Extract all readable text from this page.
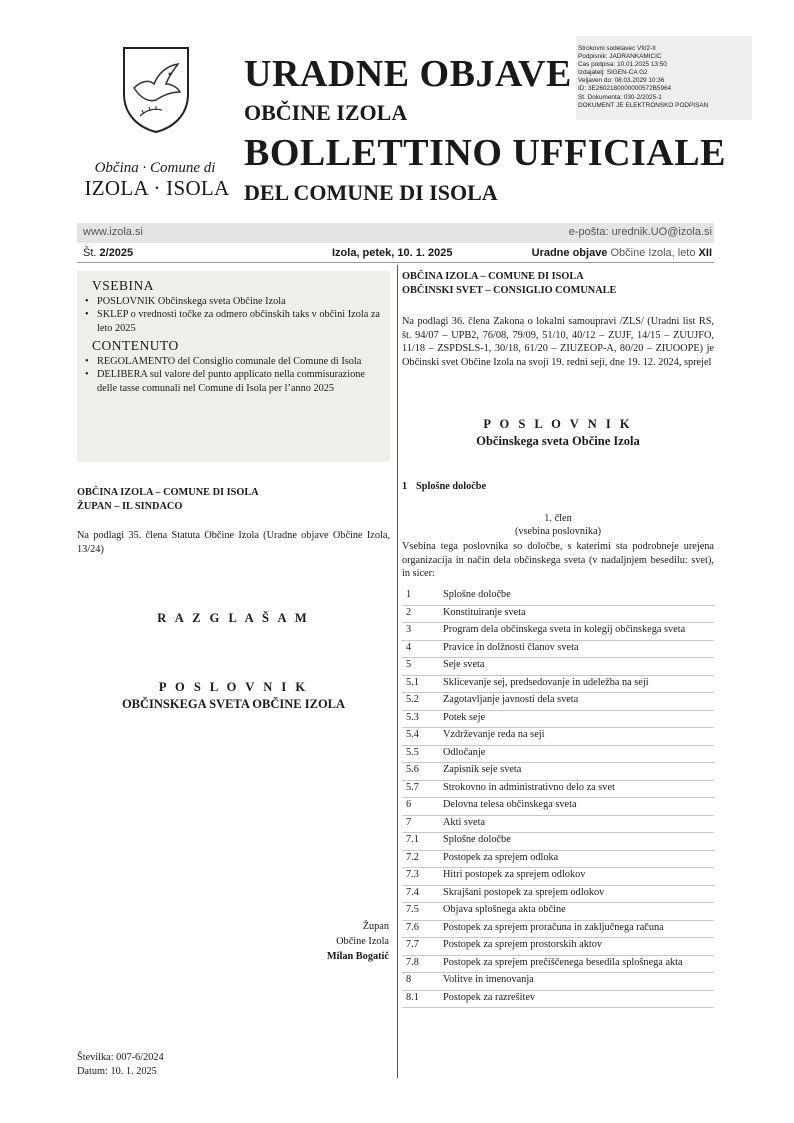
Občina · Comune di
IZOLA · ISOLA
URADNE OBJAVE
OBČINE IZOLA
BOLLETTINO UFFICIALE
DEL COMUNE DI ISOLA
Strokovni sodelavec VII/2-II
Podpisnik: JADRANKAMIČIĆ
Čas podpisa: 10.01.2025 13:50
Izdajatelj: SIGEN-CA G2
Veljaven do: 08.03.2029 10:36
ID: 3E2602180000000572B5964
Št. Dokumenta: 030-2/2025-1
DOKUMENT JE ELEKTRONSKO PODPISAN
www.izola.si	e-pošta: urednik.UO@izola.si
Št. 2/2025	Izola, petek, 10. 1. 2025	Uradne objave Občine Izola, leto XII
VSEBINA
• POSLOVNIK Občinskega sveta Občine Izola
• SKLEP o vrednosti točke za odmero občinskih taks v občini Izola za leto 2025
CONTENUTO
• REGOLAMENTO del Consiglio comunale del Comune di Isola
• DELIBERA sul valore del punto applicato nella commisurazione delle tasse comunali nel Comune di Isola per l’anno 2025
OBČINA IZOLA – COMUNE DI ISOLA
ŽUPAN – IL SINDACO
Na podlagi 35. člena Statuta Občine Izola (Uradne objave Občine Izola, 13/24)
R A Z G L A Š A M
P O S L O V N I K
OBČINSKEGA SVETA OBČINE IZOLA
Župan
Občine Izola
Milan Bogatič
Številka: 007-6/2024
Datum: 10. 1. 2025
OBČINA IZOLA – COMUNE DI ISOLA
OBČINSKI SVET – CONSIGLIO COMUNALE
Na podlagi 36. člena Zakona o lokalni samoupravi /ZLS/ (Uradni list RS, št. 94/07 – UPB2, 76/08, 79/09, 51/10, 40/12 – ZUJF, 14/15 – ZUUJFO, 11/18 – ZSPDSLS-1, 30/18, 61/20 – ZIUZEOP-A, 80/20 – ZIUOOPE) je Občinski svet Občine Izola na svoji 19. redni seji, dne 19. 12. 2024, sprejel
P O S L O V N I K
Občinskega sveta Občine Izola
1 Splošne določbe
1. člen
(vsebina poslovnika)
Vsebina tega poslovnika so določbe, s katerimi sta podrobneje urejena organizacija in način dela občinskega sveta (v nadaljnjem besedilu: svet), in sicer:
1	Splošne določbe
2	Konstituiranje sveta
3	Program dela občinskega sveta in kolegij občinskega sveta
4	Pravice in dolžnosti članov sveta
5	Seje sveta
5.1	Sklicevanje sej, predsedovanje in udeležba na seji
5.2	Zagotavljanje javnosti dela sveta
5.3	Potek seje
5.4	Vzdrževanje reda na seji
5.5	Odločanje
5.6	Zapisnik seje sveta
5.7	Strokovno in administrativno delo za svet
6	Delovna telesa občinskega sveta
7	Akti sveta
7.1	Splošne določbe
7.2	Postopek za sprejem odloka
7.3	Hitri postopek za sprejem odlokov
7.4	Skrajšani postopek za sprejem odlokov
7.5	Objava splošnega akta občine
7.6	Postopek za sprejem proračuna in zaključnega računa
7.7	Postopek za sprejem prostorskih aktov
7.8	Postopek za sprejem prečiščenega besedila splošnega akta
8	Volitve in imenovanja
8.1	Postopek za razrešitev
